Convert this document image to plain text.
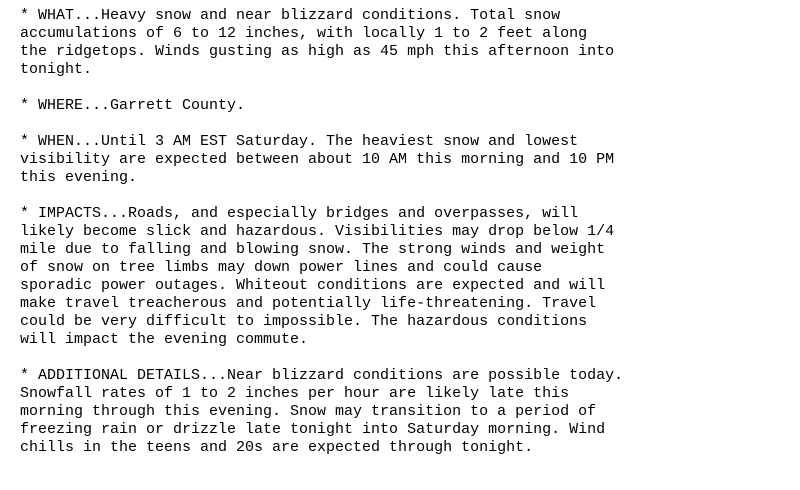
* WHAT...Heavy snow and near blizzard conditions. Total snow
accumulations of 6 to 12 inches, with locally 1 to 2 feet along
the ridgetops. Winds gusting as high as 45 mph this afternoon into
tonight.
* WHERE...Garrett County.
* WHEN...Until 3 AM EST Saturday. The heaviest snow and lowest
visibility are expected between about 10 AM this morning and 10 PM
this evening.
* IMPACTS...Roads, and especially bridges and overpasses, will
likely become slick and hazardous. Visibilities may drop below 1/4
mile due to falling and blowing snow. The strong winds and weight
of snow on tree limbs may down power lines and could cause
sporadic power outages. Whiteout conditions are expected and will
make travel treacherous and potentially life-threatening. Travel
could be very difficult to impossible. The hazardous conditions
will impact the evening commute.
* ADDITIONAL DETAILS...Near blizzard conditions are possible today.
Snowfall rates of 1 to 2 inches per hour are likely late this
morning through this evening. Snow may transition to a period of
freezing rain or drizzle late tonight into Saturday morning. Wind
chills in the teens and 20s are expected through tonight.
